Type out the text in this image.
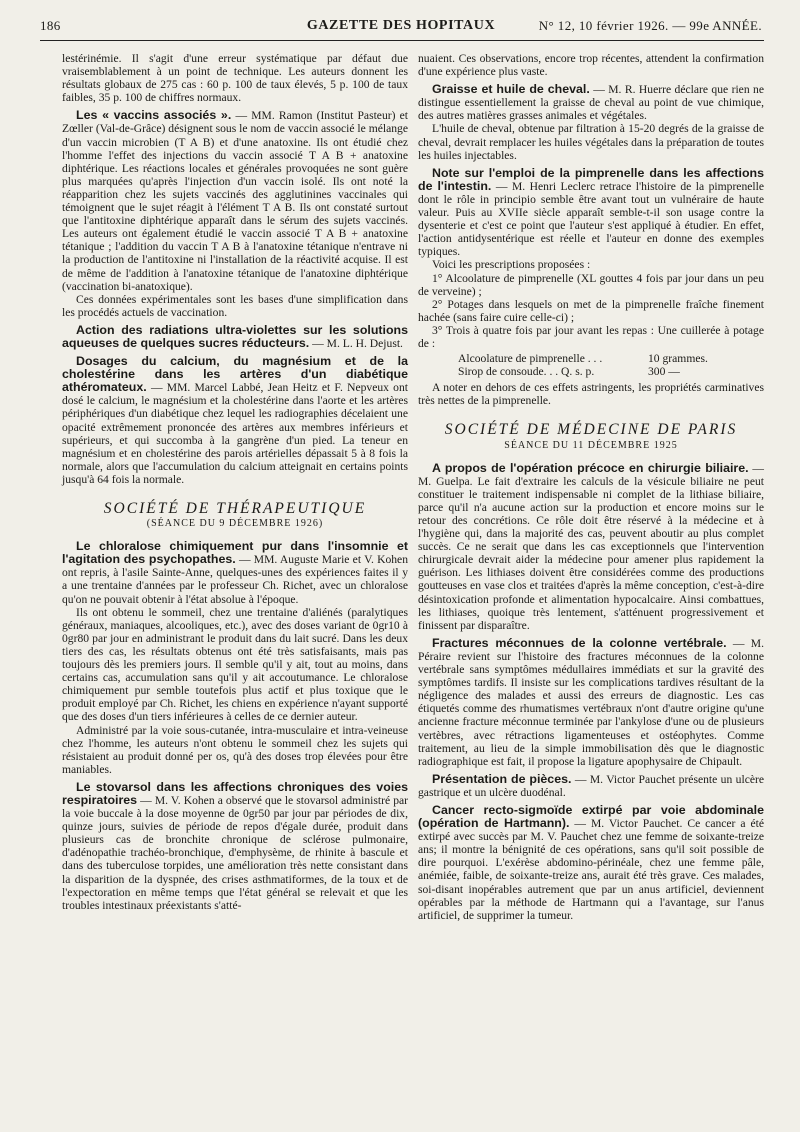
186	GAZETTE DES HOPITAUX	N° 12, 10 février 1926. — 99e ANNÉE.

lestérinémie. Il s'agit d'une erreur systématique par défaut due vraisemblablement à un point de technique. Les auteurs donnent les résultats globaux de 275 cas : 60 p. 100 de taux élevés, 5 p. 100 de taux faibles, 35 p. 100 de chiffres normaux.

Les « vaccins associés ». — MM. Ramon (Institut Pasteur) et Zœller (Val-de-Grâce) désignent sous le nom de vaccin associé le mélange d'un vaccin microbien (T A B) et d'une anatoxine. Ils ont étudié chez l'homme l'effet des injections du vaccin associé T A B + anatoxine diphtérique. Les réactions locales et générales provoquées ne sont guère plus marquées qu'après l'injection d'un vaccin isolé. Ils ont noté la réapparition chez les sujets vaccinés des agglutinines vaccinales qui témoignent que le sujet réagit à l'élément T A B. Ils ont constaté surtout que l'antitoxine diphtérique apparaît dans le sérum des sujets vaccinés. Les auteurs ont également étudié le vaccin associé T A B + anatoxine tétanique ; l'addition du vaccin T A B à l'anatoxine tétanique n'entrave ni la production de l'antitoxine ni l'installation de la réactivité acquise. Il est de même de l'addition à l'anatoxine tétanique de l'anatoxine diphtérique (vaccination bi-anatoxique).

Ces données expérimentales sont les bases d'une simplification dans les procédés actuels de vaccination.

Action des radiations ultra-violettes sur les solutions aqueuses de quelques sucres réducteurs. — M. L. H. Dejust.

Dosages du calcium, du magnésium et de la cholestérine dans les artères d'un diabétique athéromateux. — MM. Marcel Labbé, Jean Heitz et F. Nepveux ont dosé le calcium, le magnésium et la cholestérine dans l'aorte et les artères périphériques d'un diabétique chez lequel les radiographies décelaient une opacité extrêmement prononcée des artères aux membres inférieurs et supérieurs, et qui succomba à la gangrène d'un pied. La teneur en magnésium et en cholestérine des parois artérielles dépassait 5 à 8 fois la normale, alors que l'accumulation du calcium atteignait en certains points jusqu'à 64 fois la normale.

SOCIÉTÉ DE THÉRAPEUTIQUE
(SÉANCE DU 9 DÉCEMBRE 1926)

Le chloralose chimiquement pur dans l'insomnie et l'agitation des psychopathes. — MM. Auguste Marie et V. Kohen ont repris, à l'asile Sainte-Anne, quelques-unes des expériences faites il y a une trentaine d'années par le professeur Ch. Richet, avec un chloralose qu'on ne pouvait obtenir à l'état absolue à l'époque.

Ils ont obtenu le sommeil, chez une trentaine d'aliénés (paralytiques généraux, maniaques, alcooliques, etc.), avec des doses variant de 0gr10 à 0gr80 par jour en administrant le produit dans du lait sucré. Dans les deux tiers des cas, les résultats obtenus ont été très satisfaisants, mais pas toujours dès les premiers jours. Il semble qu'il y ait, tout au moins, dans certains cas, accumulation sans qu'il y ait accoutumance. Le chloralose chimiquement pur semble toutefois plus actif et plus toxique que le produit employé par Ch. Richet, les chiens en expérience n'ayant supporté que des doses d'un tiers inférieures à celles de ce dernier auteur.

Administré par la voie sous-cutanée, intra-musculaire et intra-veineuse chez l'homme, les auteurs n'ont obtenu le sommeil chez les sujets qui résistaient au produit donné per os, qu'à des doses trop élevées pour être maniables.

Le stovarsol dans les affections chroniques des voies respiratoires — M. V. Kohen a observé que le stovarsol administré par la voie buccale à la dose moyenne de 0gr50 par jour par périodes de dix, quinze jours, suivies de période de repos d'égale durée, produit dans plusieurs cas de bronchite chronique de sclérose pulmonaire, d'adénopathie trachéo-bronchique, d'emphysème, de rhinite à bascule et dans des tuberculose torpides, une amélioration très nette consistant dans la disparition de la dyspnée, des crises asthmatiformes, de la toux et de l'expectoration en même temps que l'état général se relevait et que les troubles intestinaux préexistants s'atté-

nuaient. Ces observations, encore trop récentes, attendent la confirmation d'une expérience plus vaste.

Graisse et huile de cheval. — M. R. Huerre déclare que rien ne distingue essentiellement la graisse de cheval au point de vue chimique, des autres matières grasses animales et végétales.

L'huile de cheval, obtenue par filtration à 15-20 degrés de la graisse de cheval, devrait remplacer les huiles végétales dans la préparation de toutes les huiles injectables.

Note sur l'emploi de la pimprenelle dans les affections de l'intestin. — M. Henri Leclerc retrace l'histoire de la pimprenelle dont le rôle in principio semble être avant tout un vulnéraire de haute valeur. Puis au XVIIe siècle apparaît semble-t-il son usage contre la dysenterie et c'est ce point que l'auteur s'est appliqué à étudier. En effet, l'action antidysentérique est réelle et l'auteur en donne des exemples typiques.

Voici les prescriptions proposées :

1° Alcoolature de pimprenelle (XL gouttes 4 fois par jour dans un peu de verveine) ;

2° Potages dans lesquels on met de la pimprenelle fraîche finement hachée (sans faire cuire celle-ci) ;

3° Trois à quatre fois par jour avant les repas : Une cuillerée à potage de :

Alcoolature de pimprenelle . . .	10 grammes.
Sirop de consoude. . . Q. s. p.	300 —

A noter en dehors de ces effets astringents, les propriétés carminatives très nettes de la pimprenelle.

SOCIÉTÉ DE MÉDECINE DE PARIS
SÉANCE DU 11 DÉCEMBRE 1925

A propos de l'opération précoce en chirurgie biliaire. — M. Guelpa. Le fait d'extraire les calculs de la vésicule biliaire ne peut constituer le traitement indispensable ni complet de la lithiase biliaire, parce qu'il n'a aucune action sur la production et encore moins sur le retour des concrétions. Ce rôle doit être réservé à la médecine et à l'hygiène qui, dans la majorité des cas, peuvent aboutir au plus complet succès. Ce ne serait que dans les cas exceptionnels que l'intervention chirurgicale devrait aider la médecine pour amener plus rapidement la guérison. Les lithiases doivent être considérées comme des productions goutteuses en vase clos et traitées d'après la même conception, c'est-à-dire désintoxication profonde et alimentation hypocalcaire. Ainsi combattues, les lithiases, quoique très lentement, s'atténuent progressivement et finissent par disparaître.

Fractures méconnues de la colonne vertébrale. — M. Péraire revient sur l'histoire des fractures méconnues de la colonne vertébrale sans symptômes médullaires immédiats et sur la gravité des symptômes tardifs. Il insiste sur les complications tardives résultant de la négligence des malades et aussi des erreurs de diagnostic. Les cas étiquetés comme des rhumatismes vertébraux n'ont d'autre origine qu'une ancienne fracture méconnue terminée par l'ankylose d'une ou de plusieurs vertèbres, avec rétractions ligamenteuses et ostéophytes. Comme traitement, au lieu de la simple immobilisation dès que le diagnostic radiographique est fait, il propose la ligature apophysaire de Chipault.

Présentation de pièces. — M. Victor Pauchet présente un ulcère gastrique et un ulcère duodénal.

Cancer recto-sigmoïde extirpé par voie abdominale (opération de Hartmann). — M. Victor Pauchet. Ce cancer a été extirpé avec succès par M. V. Pauchet chez une femme de soixante-treize ans; il montre la bénignité de ces opérations, sans qu'il soit possible de dire pourquoi. L'exérèse abdomino-périnéale, chez une femme pâle, anémiée, faible, de soixante-treize ans, aurait été très grave. Ces malades, soi-disant inopérables autrement que par un anus artificiel, deviennent opérables par la méthode de Hartmann qui a l'avantage, sur l'anus artificiel, de supprimer la tumeur.
